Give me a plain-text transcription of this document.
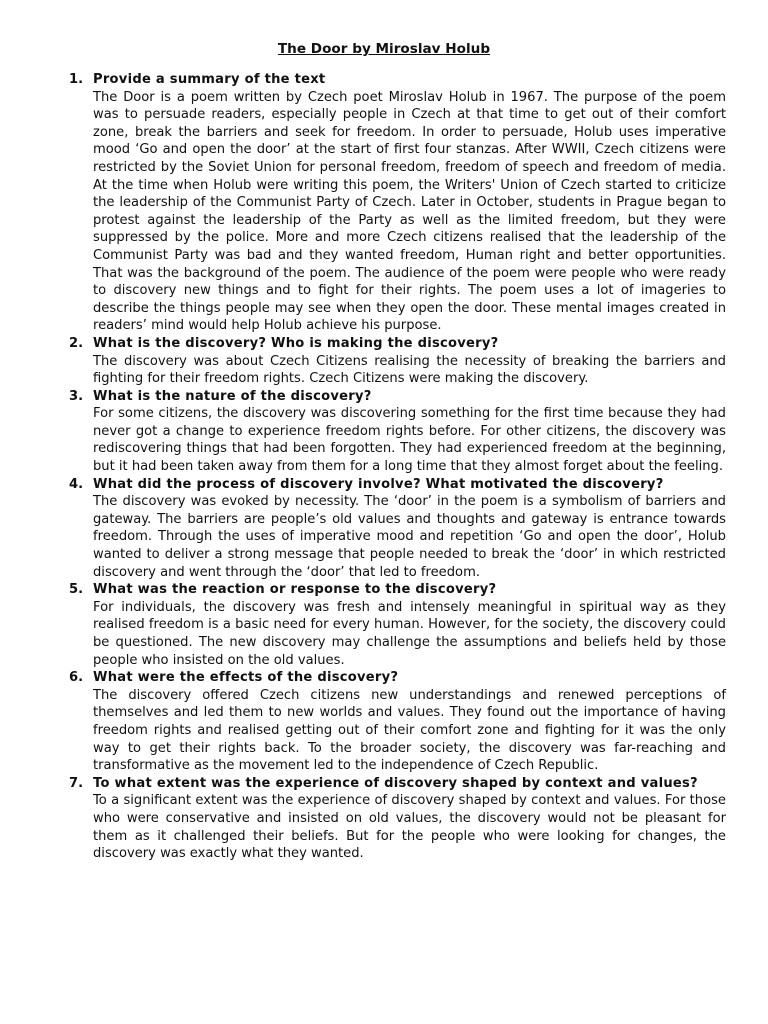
The Door by Miroslav Holub
1. Provide a summary of the text
The Door is a poem written by Czech poet Miroslav Holub in 1967. The purpose of the poem was to persuade readers, especially people in Czech at that time to get out of their comfort zone, break the barriers and seek for freedom. In order to persuade, Holub uses imperative mood ‘Go and open the door’ at the start of first four stanzas. After WWII, Czech citizens were restricted by the Soviet Union for personal freedom, freedom of speech and freedom of media. At the time when Holub were writing this poem, the Writers' Union of Czech started to criticize the leadership of the Communist Party of Czech. Later in October, students in Prague began to protest against the leadership of the Party as well as the limited freedom, but they were suppressed by the police. More and more Czech citizens realised that the leadership of the Communist Party was bad and they wanted freedom, Human right and better opportunities. That was the background of the poem. The audience of the poem were people who were ready to discovery new things and to fight for their rights. The poem uses a lot of imageries to describe the things people may see when they open the door. These mental images created in readers’ mind would help Holub achieve his purpose.
2. What is the discovery? Who is making the discovery?
The discovery was about Czech Citizens realising the necessity of breaking the barriers and fighting for their freedom rights. Czech Citizens were making the discovery.
3. What is the nature of the discovery?
For some citizens, the discovery was discovering something for the first time because they had never got a change to experience freedom rights before. For other citizens, the discovery was rediscovering things that had been forgotten. They had experienced freedom at the beginning, but it had been taken away from them for a long time that they almost forget about the feeling.
4. What did the process of discovery involve? What motivated the discovery?
The discovery was evoked by necessity. The ‘door’ in the poem is a symbolism of barriers and gateway. The barriers are people’s old values and thoughts and gateway is entrance towards freedom. Through the uses of imperative mood and repetition ‘Go and open the door’, Holub wanted to deliver a strong message that people needed to break the ‘door’ in which restricted discovery and went through the ‘door’ that led to freedom.
5. What was the reaction or response to the discovery?
For individuals, the discovery was fresh and intensely meaningful in spiritual way as they realised freedom is a basic need for every human. However, for the society, the discovery could be questioned. The new discovery may challenge the assumptions and beliefs held by those people who insisted on the old values.
6. What were the effects of the discovery?
The discovery offered Czech citizens new understandings and renewed perceptions of themselves and led them to new worlds and values. They found out the importance of having freedom rights and realised getting out of their comfort zone and fighting for it was the only way to get their rights back. To the broader society, the discovery was far-reaching and transformative as the movement led to the independence of Czech Republic.
7. To what extent was the experience of discovery shaped by context and values?
To a significant extent was the experience of discovery shaped by context and values. For those who were conservative and insisted on old values, the discovery would not be pleasant for them as it challenged their beliefs. But for the people who were looking for changes, the discovery was exactly what they wanted.
